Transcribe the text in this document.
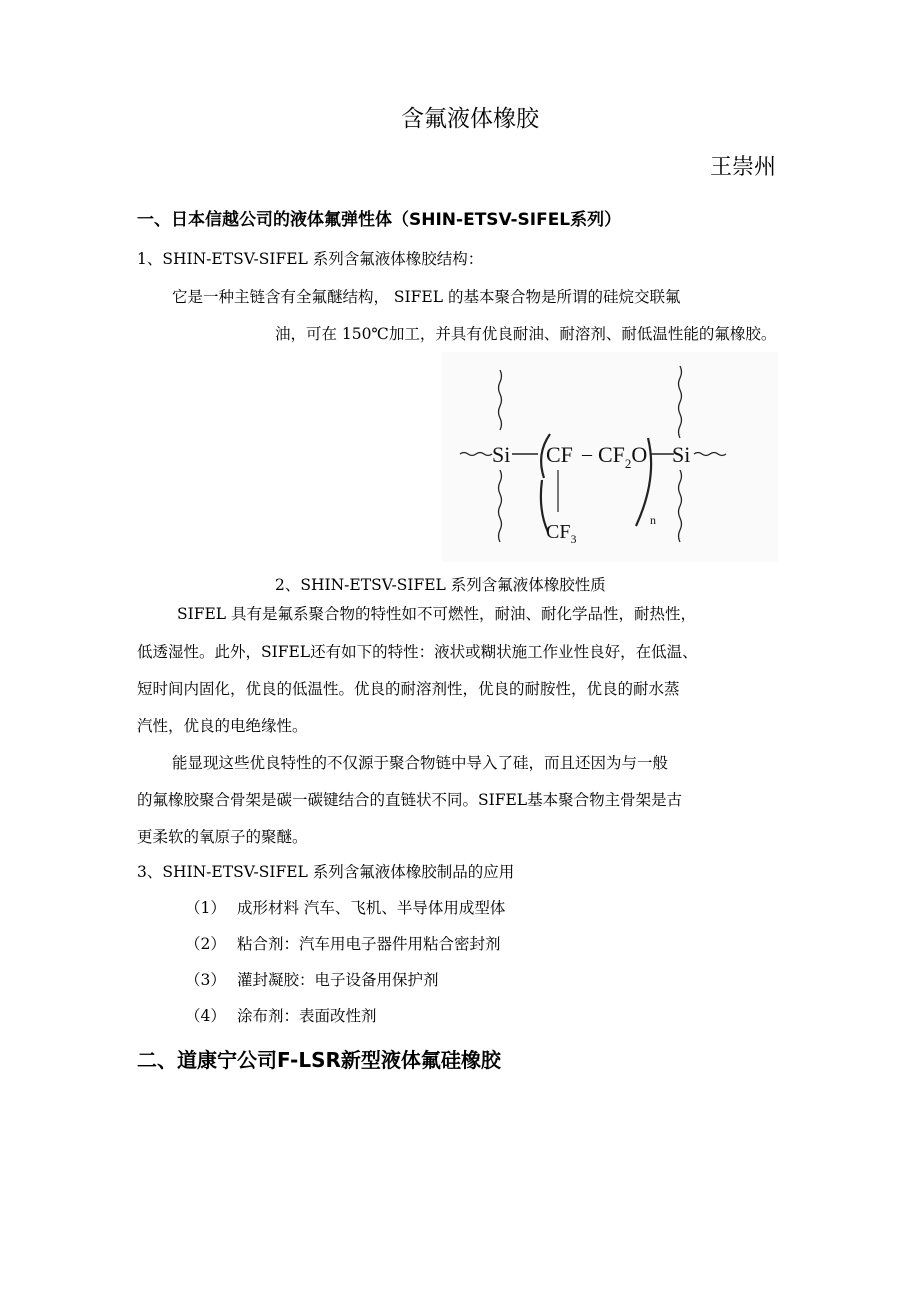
含氟液体橡胶
王崇州
一、日本信越公司的液体氟弹性体（SHIN-ETSV-SIFEL系列）
1、SHIN-ETSV-SIFEL 系列含氟液体橡胶结构：
它是一种主链含有全氟醚结构， SIFEL 的基本聚合物是所谓的硅烷交联氟
油，可在 150℃加工，并具有优良耐油、耐溶剂、耐低温性能的氟橡胶。
Si CF – $CF_2O$ Si
$CF_3$
n
2、SHIN-ETSV-SIFEL 系列含氟液体橡胶性质
SIFEL 具有是氟系聚合物的特性如不可燃性，耐油、耐化学品性，耐热性，
低透湿性。此外，SIFEL还有如下的特性：液状或糊状施工作业性良好，在低温、
短时间内固化，优良的低温性。优良的耐溶剂性，优良的耐胺性，优良的耐水蒸
汽性，优良的电绝缘性。
能显现这些优良特性的不仅源于聚合物链中导入了硅，而且还因为与一般
的氟橡胶聚合骨架是碳一碳键结合的直链状不同。SIFEL基本聚合物主骨架是古
更柔软的氧原子的聚醚。
3、SHIN-ETSV-SIFEL 系列含氟液体橡胶制品的应用
（1） 成形材料 汽车、飞机、半导体用成型体
（2） 粘合剂：汽车用电子器件用粘合密封剂
（3） 灌封凝胶：电子设备用保护剂
（4） 涂布剂：表面改性剂
二、道康宁公司F-LSR新型液体氟硅橡胶
